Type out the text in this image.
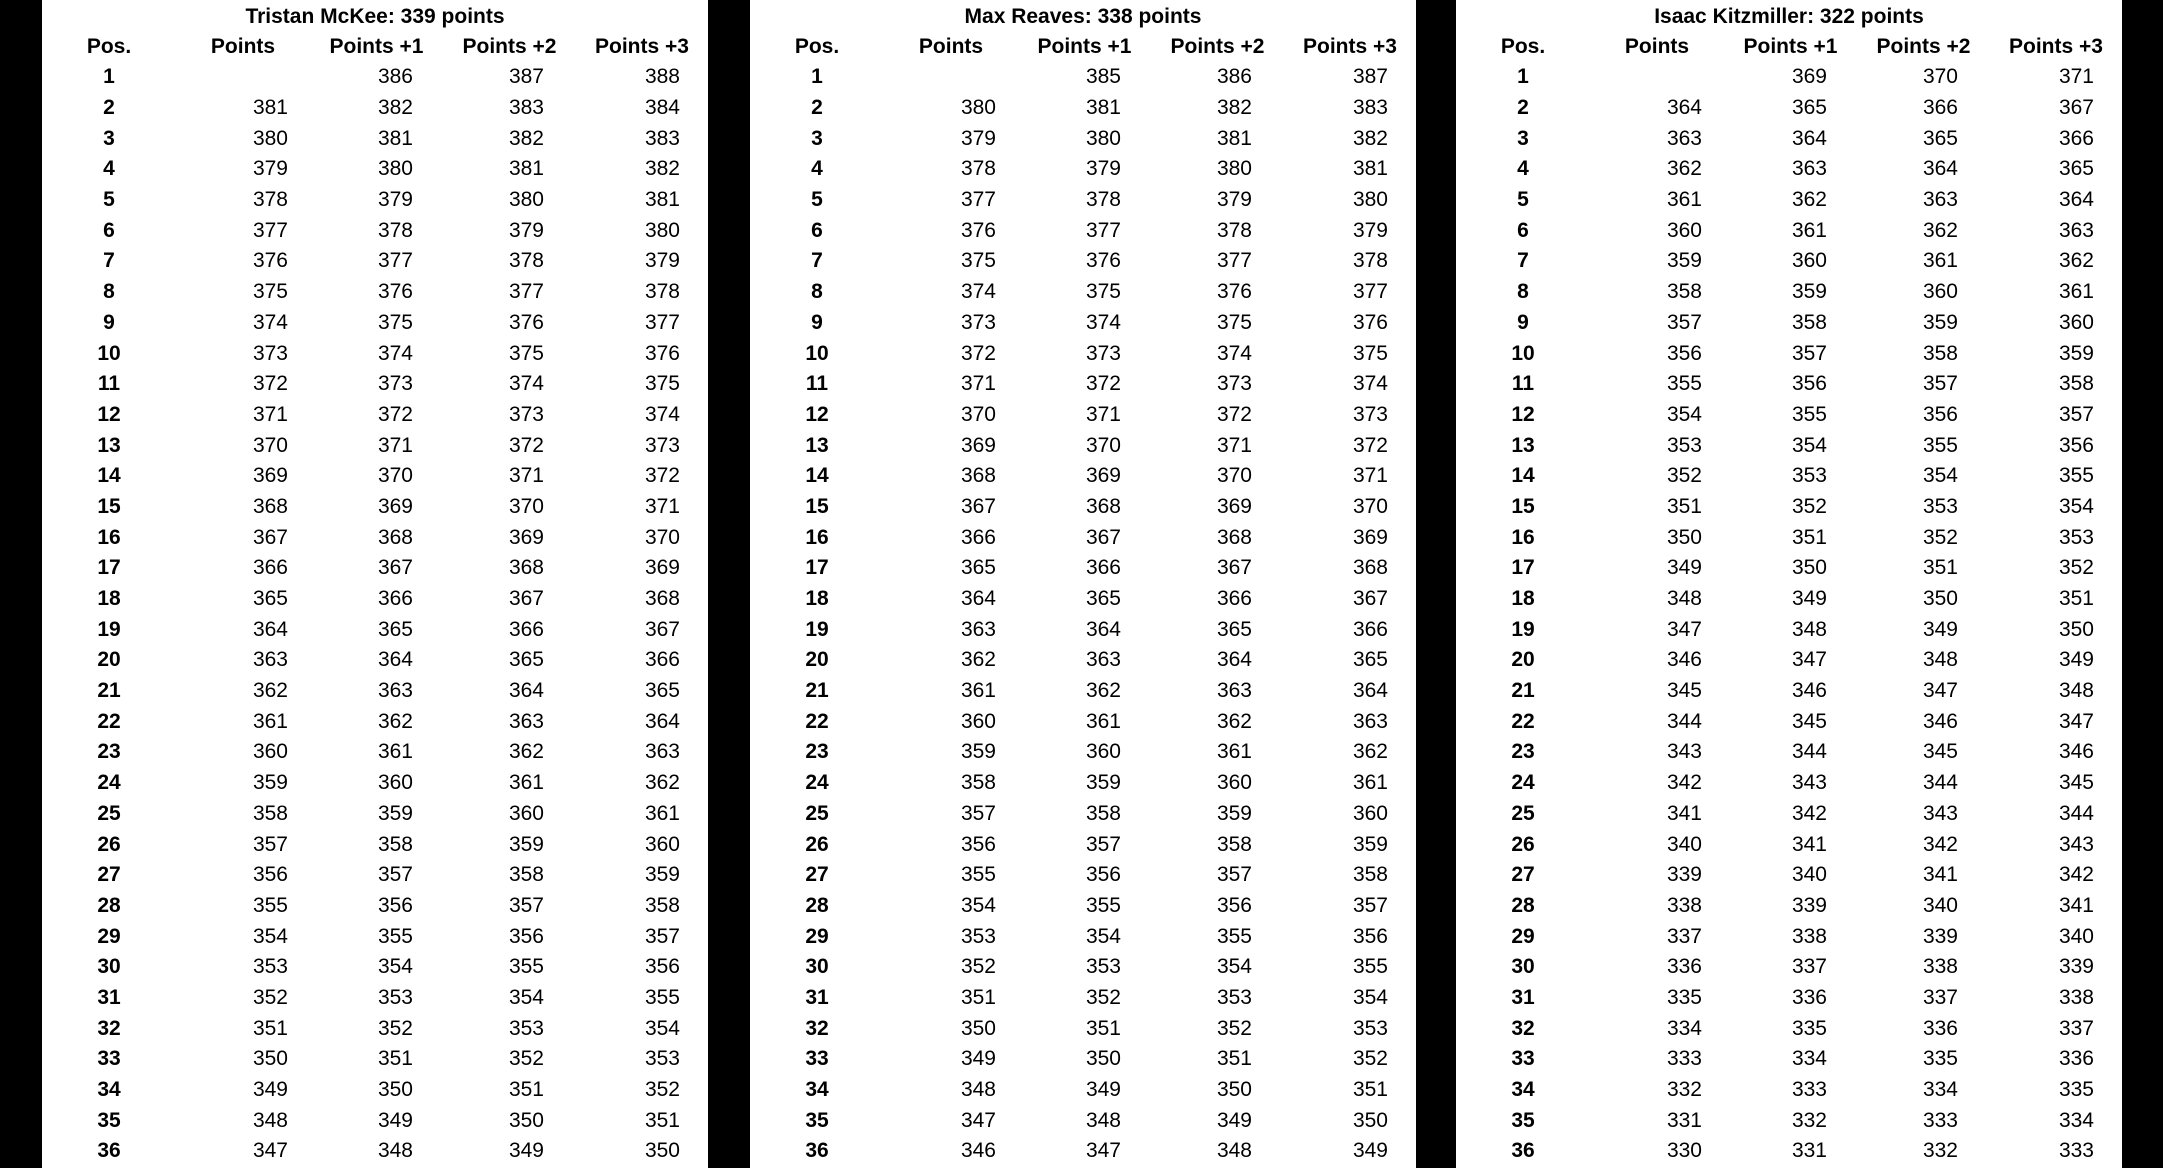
Tristan McKee: 339 points
Pos.	Points	Points +1	Points +2	Points +3
1		386	387	388
2	381	382	383	384
3	380	381	382	383
4	379	380	381	382
5	378	379	380	381
6	377	378	379	380
7	376	377	378	379
8	375	376	377	378
9	374	375	376	377
10	373	374	375	376
11	372	373	374	375
12	371	372	373	374
13	370	371	372	373
14	369	370	371	372
15	368	369	370	371
16	367	368	369	370
17	366	367	368	369
18	365	366	367	368
19	364	365	366	367
20	363	364	365	366
21	362	363	364	365
22	361	362	363	364
23	360	361	362	363
24	359	360	361	362
25	358	359	360	361
26	357	358	359	360
27	356	357	358	359
28	355	356	357	358
29	354	355	356	357
30	353	354	355	356
31	352	353	354	355
32	351	352	353	354
33	350	351	352	353
34	349	350	351	352
35	348	349	350	351
36	347	348	349	350
Max Reaves: 338 points
Pos.	Points	Points +1	Points +2	Points +3
1		385	386	387
2	380	381	382	383
3	379	380	381	382
4	378	379	380	381
5	377	378	379	380
6	376	377	378	379
7	375	376	377	378
8	374	375	376	377
9	373	374	375	376
10	372	373	374	375
11	371	372	373	374
12	370	371	372	373
13	369	370	371	372
14	368	369	370	371
15	367	368	369	370
16	366	367	368	369
17	365	366	367	368
18	364	365	366	367
19	363	364	365	366
20	362	363	364	365
21	361	362	363	364
22	360	361	362	363
23	359	360	361	362
24	358	359	360	361
25	357	358	359	360
26	356	357	358	359
27	355	356	357	358
28	354	355	356	357
29	353	354	355	356
30	352	353	354	355
31	351	352	353	354
32	350	351	352	353
33	349	350	351	352
34	348	349	350	351
35	347	348	349	350
36	346	347	348	349
Isaac Kitzmiller: 322 points
Pos.	Points	Points +1	Points +2	Points +3
1		369	370	371
2	364	365	366	367
3	363	364	365	366
4	362	363	364	365
5	361	362	363	364
6	360	361	362	363
7	359	360	361	362
8	358	359	360	361
9	357	358	359	360
10	356	357	358	359
11	355	356	357	358
12	354	355	356	357
13	353	354	355	356
14	352	353	354	355
15	351	352	353	354
16	350	351	352	353
17	349	350	351	352
18	348	349	350	351
19	347	348	349	350
20	346	347	348	349
21	345	346	347	348
22	344	345	346	347
23	343	344	345	346
24	342	343	344	345
25	341	342	343	344
26	340	341	342	343
27	339	340	341	342
28	338	339	340	341
29	337	338	339	340
30	336	337	338	339
31	335	336	337	338
32	334	335	336	337
33	333	334	335	336
34	332	333	334	335
35	331	332	333	334
36	330	331	332	333
